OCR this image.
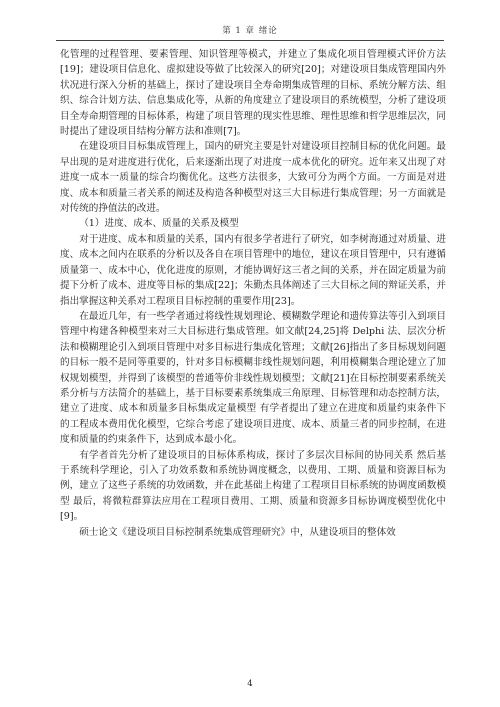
第 1 章 绪论

化管理的过程管理、要素管理、知识管理等模式，并建立了集成化项目管理模式评价方法[19]；建设项目信息化、虚拟建设等做了比较深入的研究[20]；对建设项目集成管理国内外状况进行深入分析的基础上，探讨了建设项目全寿命期集成管理的目标、系统分解方法、组织、综合计划方法、信息集成化等，从新的角度建立了建设项目的系统模型，分析了建设项目全寿命期管理的目标体系，构建了项目管理的现实性思维、理性思维和哲学思维层次，同时提出了建设项目结构分解方法和准则[7]。

在建设项目目标集成管理上，国内的研究主要是针对建设项目控制目标的优化问题。最早出现的是对进度进行优化，后来逐渐出现了对进度一成本优化的研究。近年来又出现了对进度一成本一质量的综合均衡优化。这些方法很多，大致可分为两个方面。一方面是对进度、成本和质量三者关系的阐述及构造各种模型对这三大目标进行集成管理；另一方面就是对传统的挣值法的改进。

（1）进度、成本、质量的关系及模型

对于进度、成本和质量的关系，国内有很多学者进行了研究，如李树海通过对质量、进度、成本之间内在联系的分析以及各自在项目管理中的地位，建议在项目管理中，只有遵循质量第一、成本中心，优化进度的原则，才能协调好这三者之间的关系，并在固定质量为前提下分析了成本、进度等目标的集成[22]；朱勤杰具体阐述了三大目标之间的辩证关系，并指出掌握这种关系对工程项目目标控制的重要作用[23]。

在最近几年，有一些学者通过将线性规划理论、模糊数学理论和遗传算法等引入到项目管理中构建各种模型来对三大目标进行集成管理。如文献[24,25]将 Delphi 法、层次分析法和模糊理论引入到项目管理中对多目标进行集成化管理；文献[26]指出了多目标规划问题的目标一般不是同等重要的，针对多目标模糊非线性规划问题，利用模糊集合理论建立了加权规划模型，并得到了该模型的普通等价非线性规划模型；文献[21]在目标控制要素系统关系分析与方法简介的基础上，基于目标要素系统集成三角原理、目标管理和动态控制方法，建立了进度、成本和质量多目标集成定量模型 有学者提出了建立在进度和质量约束条件下的工程成本费用优化模型，它综合考虑了建设项目进度、成本、质量三者的同步控制，在进度和质量的约束条件下，达到成本最小化。

有学者首先分析了建设项目的目标体系构成，探讨了多层次目标间的协同关系 然后基于系统科学理论，引入了功效系数和系统协调度概念，以费用、工期、质量和资源目标为例，建立了这些子系统的功效函数，并在此基础上构建了工程项目目标系统的协调度函数模型 最后，将微粒群算法应用在工程项目费用、工期、质量和资源多目标协调度模型优化中[9]。

硕士论文《建设项目目标控制系统集成管理研究》中，从建设项目的整体效

4
